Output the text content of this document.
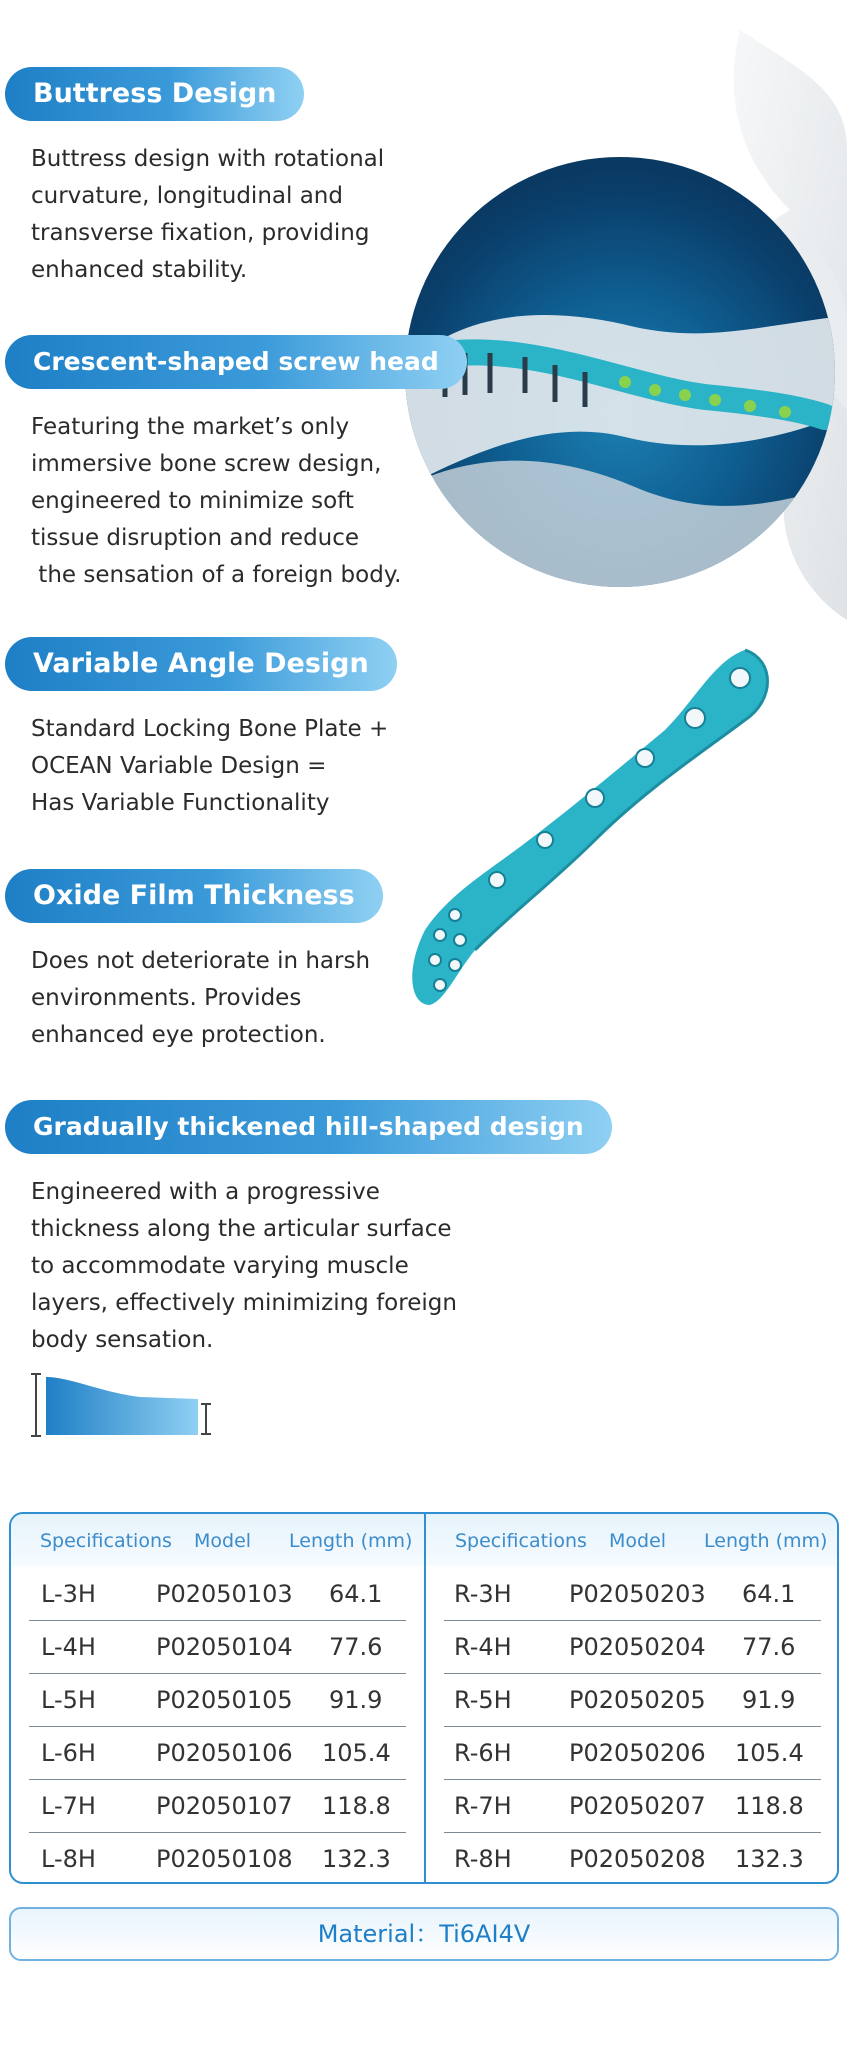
Buttress Design
Buttress design with rotational
curvature, longitudinal and
transverse fixation, providing
enhanced stability.
Crescent-shaped screw head
Featuring the market’s only
immersive bone screw design,
engineered to minimize soft
tissue disruption and reduce
the sensation of a foreign body.
Variable Angle Design
Standard Locking Bone Plate +
OCEAN Variable Design =
Has Variable Functionality
Oxide Film Thickness
Does not deteriorate in harsh
environments. Provides
enhanced eye protection.
Gradually thickened hill-shaped design
Engineered with a progressive
thickness along the articular surface
to accommodate varying muscle
layers, effectively minimizing foreign
body sensation.
Specifications Model Length (mm)
L-3H	P02050103 64.1
L-4H	P02050104 77.6
L-5H	P02050105 91.9
L-6H	P02050106 105.4
L-7H	P02050107 118.8
L-8H	P02050108 132.3
Specifications Model Length (mm)
R-3H P02050203 64.1
R-4H P02050204 77.6
R-5H P02050205 91.9
R-6H P02050206 105.4
R-7H P02050207 118.8
R-8H P02050208 132.3
Material：Ti6AI4V
